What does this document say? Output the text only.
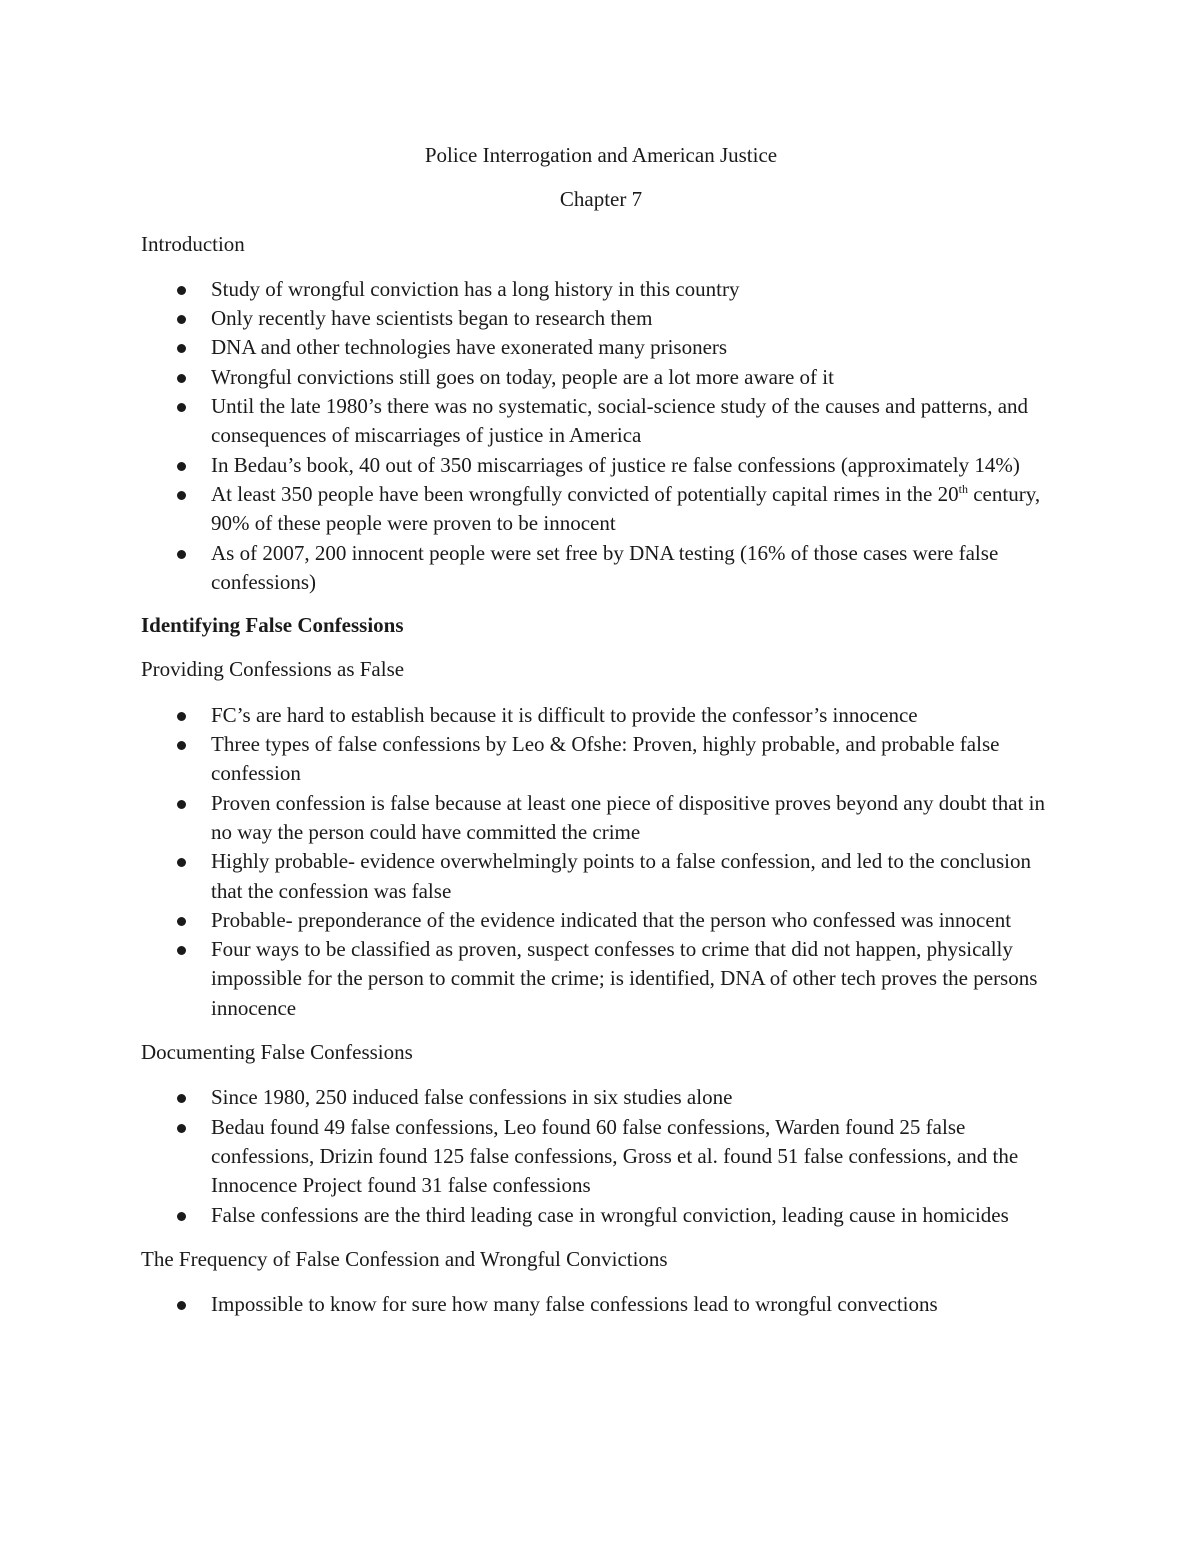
Police Interrogation and American Justice

Chapter 7

Introduction

Study of wrongful conviction has a long history in this country
Only recently have scientists began to research them
DNA and other technologies have exonerated many prisoners
Wrongful convictions still goes on today, people are a lot more aware of it
Until the late 1980’s there was no systematic, social-science study of the causes and patterns, and consequences of miscarriages of justice in America
In Bedau’s book, 40 out of 350 miscarriages of justice re false confessions (approximately 14%)
At least 350 people have been wrongfully convicted of potentially capital rimes in the 20th century, 90% of these people were proven to be innocent
As of 2007, 200 innocent people were set free by DNA testing (16% of those cases were false confessions)

Identifying False Confessions

Providing Confessions as False

FC’s are hard to establish because it is difficult to provide the confessor’s innocence
Three types of false confessions by Leo & Ofshe: Proven, highly probable, and probable false confession
Proven confession is false because at least one piece of dispositive proves beyond any doubt that in no way the person could have committed the crime
Highly probable- evidence overwhelmingly points to a false confession, and led to the conclusion that the confession was false
Probable- preponderance of the evidence indicated that the person who confessed was innocent
Four ways to be classified as proven, suspect confesses to crime that did not happen, physically impossible for the person to commit the crime; is identified, DNA of other tech proves the persons innocence

Documenting False Confessions

Since 1980, 250 induced false confessions in six studies alone
Bedau found 49 false confessions, Leo found 60 false confessions, Warden found 25 false confessions, Drizin found 125 false confessions, Gross et al. found 51 false confessions, and the Innocence Project found 31 false confessions
False confessions are the third leading case in wrongful conviction, leading cause in homicides

The Frequency of False Confession and Wrongful Convictions

Impossible to know for sure how many false confessions lead to wrongful convections
